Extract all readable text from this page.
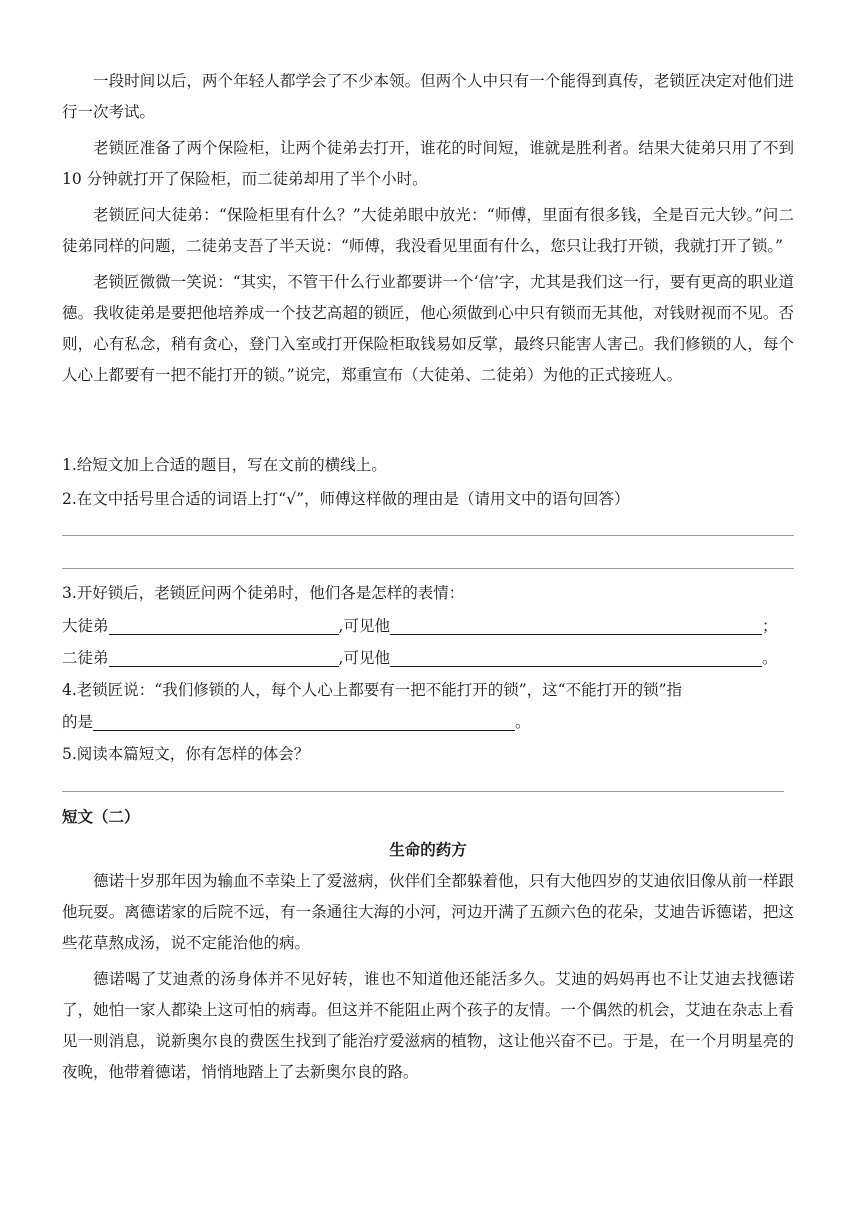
一段时间以后，两个年轻人都学会了不少本领。但两个人中只有一个能得到真传，老锁匠决定对他们进行一次考试。

老锁匠准备了两个保险柜，让两个徒弟去打开，谁花的时间短，谁就是胜利者。结果大徒弟只用了不到 10 分钟就打开了保险柜，而二徒弟却用了半个小时。

老锁匠问大徒弟：“保险柜里有什么？”大徒弟眼中放光：“师傅，里面有很多钱，全是百元大钞。”问二徒弟同样的问题，二徒弟支吾了半天说：“师傅，我没看见里面有什么，您只让我打开锁，我就打开了锁。”

老锁匠微微一笑说：“其实，不管干什么行业都要讲一个‘信’字，尤其是我们这一行，要有更高的职业道德。我收徒弟是要把他培养成一个技艺高超的锁匠，他心须做到心中只有锁而无其他，对钱财视而不见。否则，心有私念，稍有贪心，登门入室或打开保险柜取钱易如反掌，最终只能害人害己。我们修锁的人，每个人心上都要有一把不能打开的锁。”说完，郑重宣布（大徒弟、二徒弟）为他的正式接班人。

1.给短文加上合适的题目，写在文前的横线上。

2.在文中括号里合适的词语上打“√”，师傅这样做的理由是（请用文中的语句回答）

3.开好锁后，老锁匠问两个徒弟时，他们各是怎样的表情：

大徒弟	,可见他	；
二徒弟	,可见他	。

4.老锁匠说：“我们修锁的人，每个人心上都要有一把不能打开的锁”，这“不能打开的锁”指

的是	。

5.阅读本篇短文，你有怎样的体会？

短文（二）

生命的药方

德诺十岁那年因为输血不幸染上了爱滋病，伙伴们全都躲着他，只有大他四岁的艾迪依旧像从前一样跟他玩耍。离德诺家的后院不远，有一条通往大海的小河，河边开满了五颜六色的花朵，艾迪告诉德诺，把这些花草熬成汤，说不定能治他的病。

德诺喝了艾迪煮的汤身体并不见好转，谁也不知道他还能活多久。艾迪的妈妈再也不让艾迪去找德诺了，她怕一家人都染上这可怕的病毒。但这并不能阻止两个孩子的友情。一个偶然的机会，艾迪在杂志上看见一则消息，说新奥尔良的费医生找到了能治疗爱滋病的植物，这让他兴奋不已。于是，在一个月明星亮的夜晚，他带着德诺，悄悄地踏上了去新奥尔良的路。
